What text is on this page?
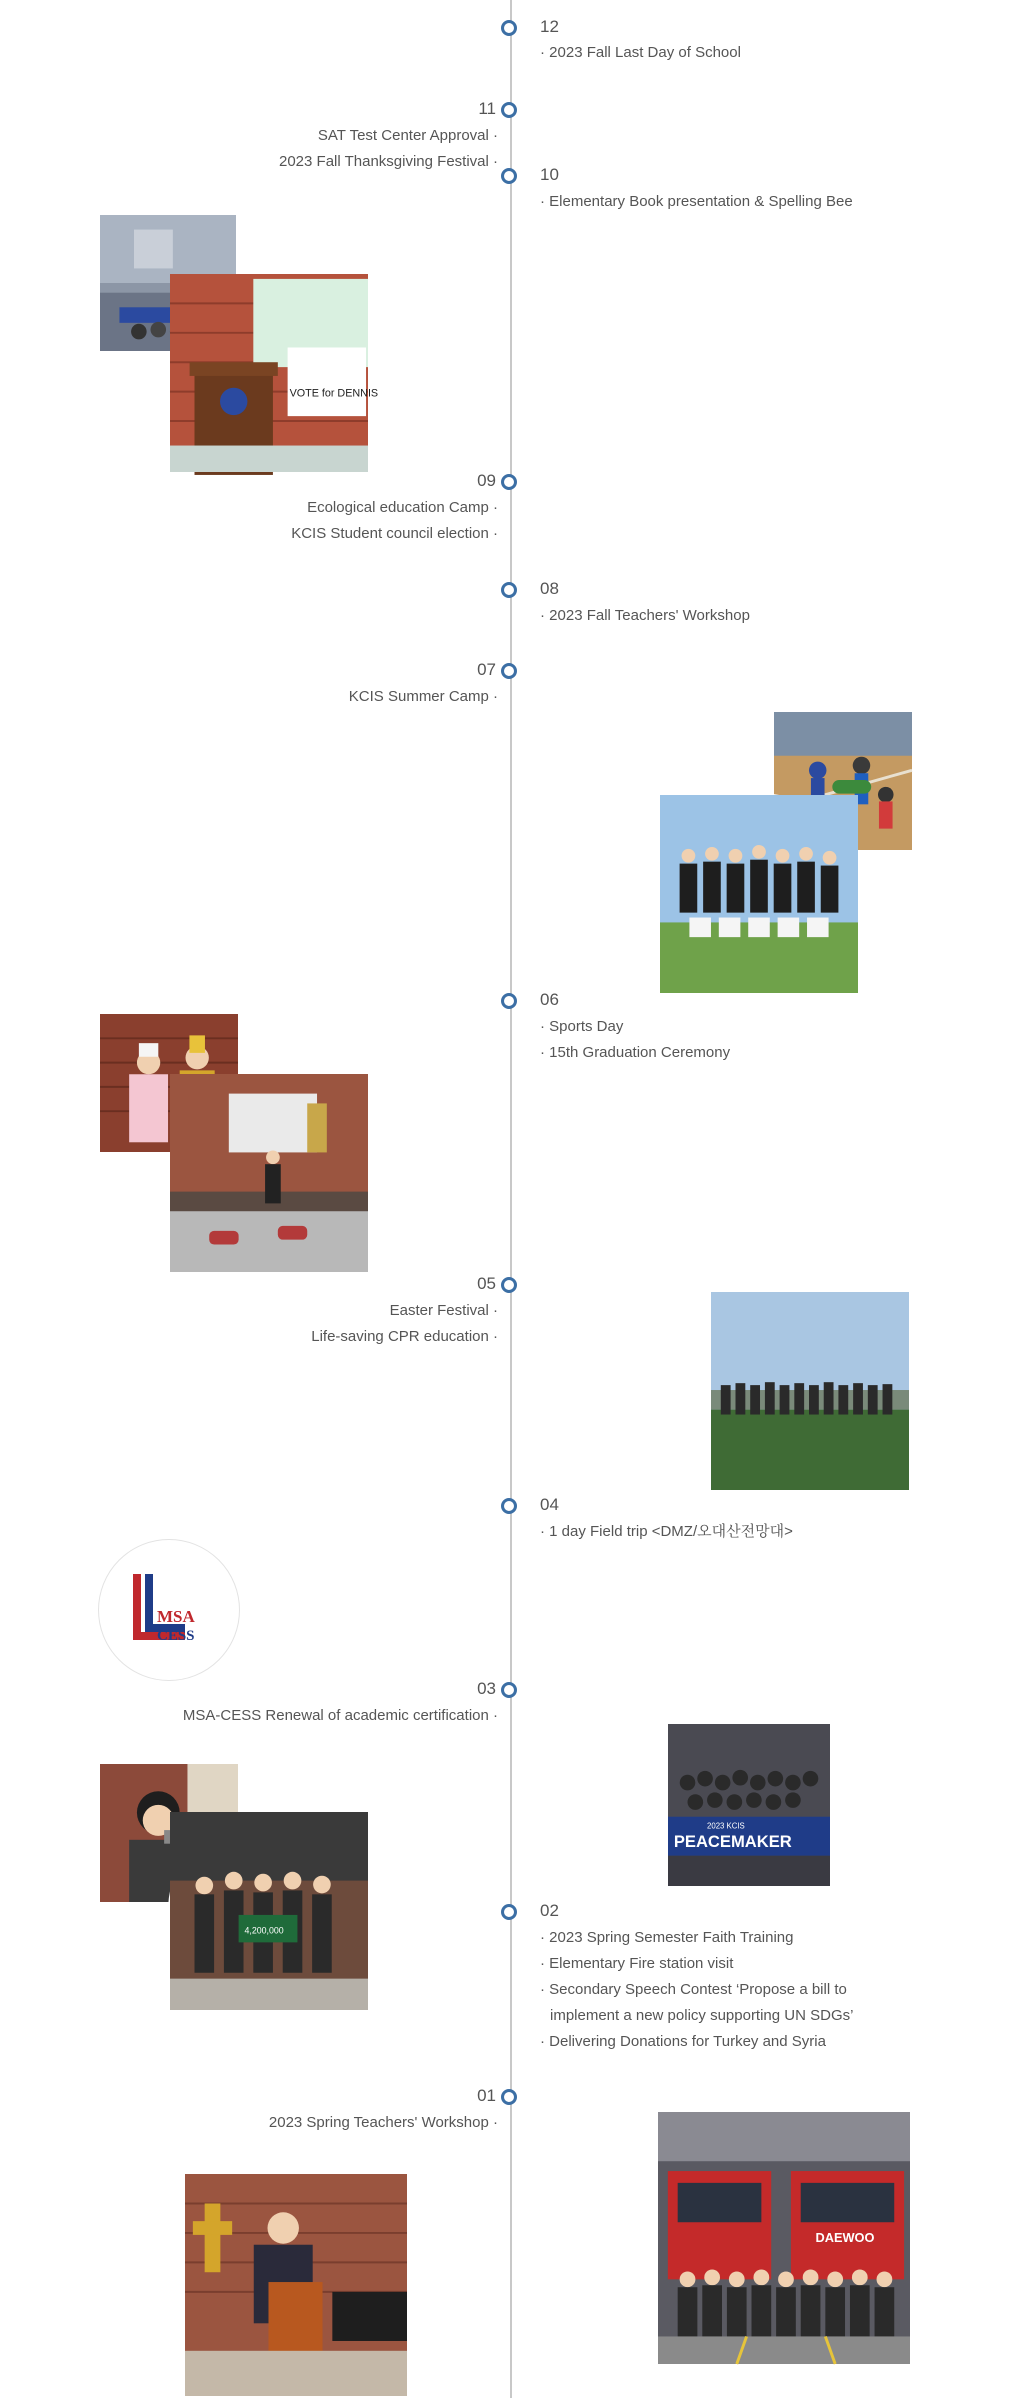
12
· 2023 Fall Last Day of School
11
SAT Test Center Approval ·
2023 Fall Thanksgiving Festival ·
10
· Elementary Book presentation & Spelling Bee
VOTE for DENNIS
09
Ecological education Camp ·
KCIS Student council election ·
08
· 2023 Fall Teachers' Workshop
07
KCIS Summer Camp ·
06
· Sports Day
· 15th Graduation Ceremony
05
Easter Festival ·
Life-saving CPR education ·
04
· 1 day Field trip <DMZ/오대산전망대>
MSA
CESS
03
MSA-CESS Renewal of academic certification ·
2023 KCIS
PEACEMAKER
4,200,000
02
· 2023 Spring Semester Faith Training
· Elementary Fire station visit
· Secondary Speech Contest ‘Propose a bill to implement a new policy supporting UN SDGs’
· Delivering Donations for Turkey and Syria
01
2023 Spring Teachers' Workshop ·
DAEWOO
